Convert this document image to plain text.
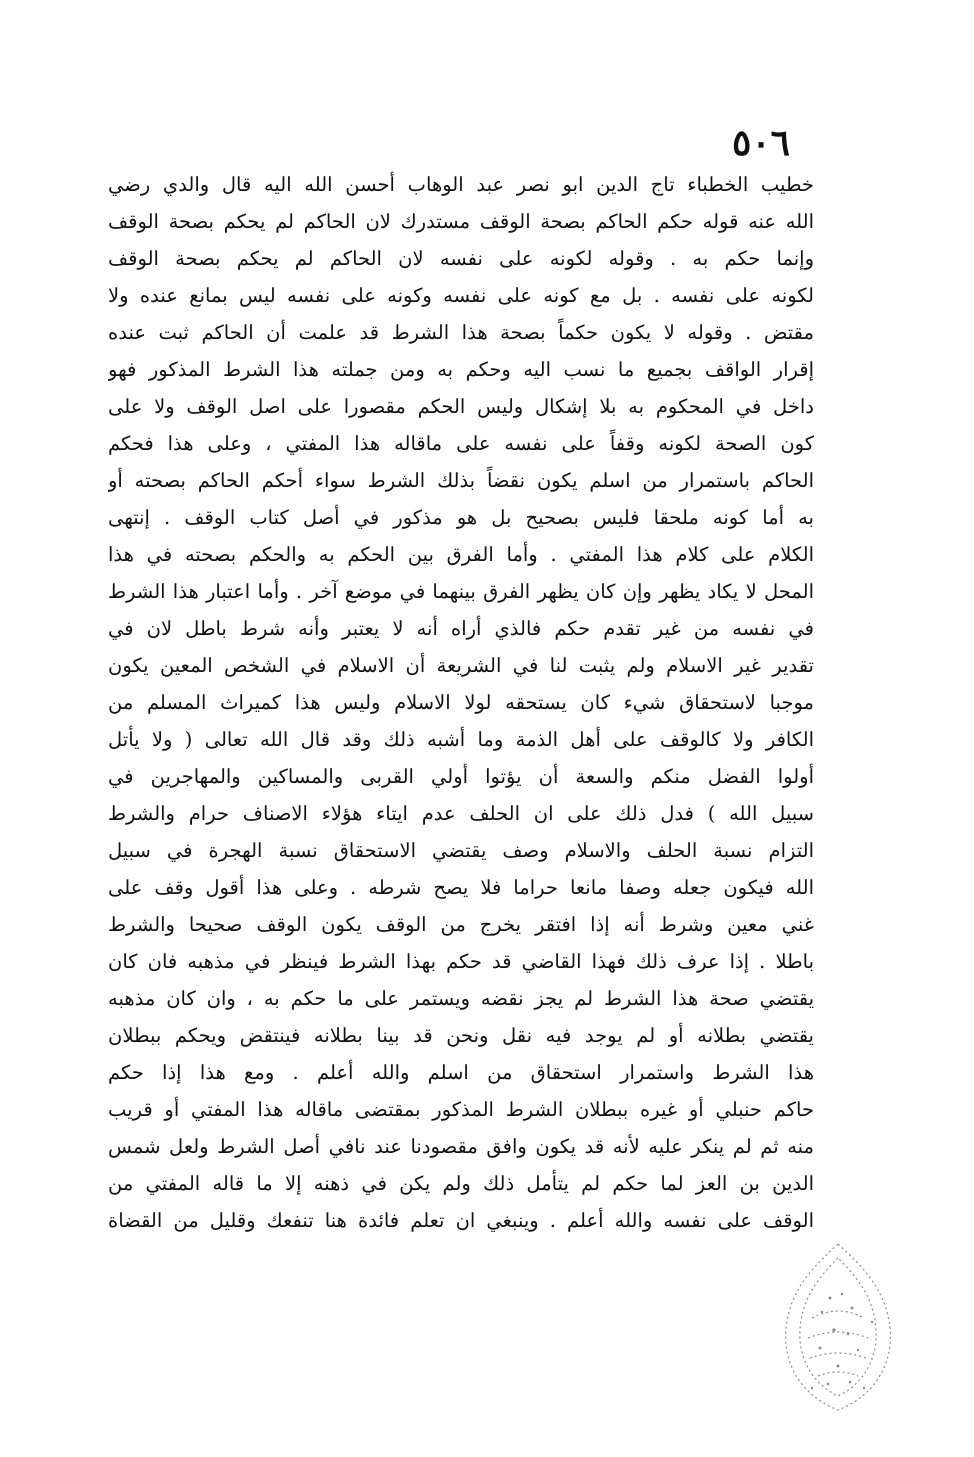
٥٠٦
خطيب الخطباء تاج الدين ابو نصر عبد الوهاب أحسن الله اليه قال والدي رضي
الله عنه قوله حكم الحاكم بصحة الوقف مستدرك لان الحاكم لم يحكم بصحة الوقف
وإنما حكم به . وقوله لكونه على نفسه لان الحاكم لم يحكم بصحة الوقف
لكونه على نفسه . بل مع كونه على نفسه وكونه على نفسه ليس بمانع عنده ولا
مقتض . وقوله لا يكون حكماً بصحة هذا الشرط قد علمت أن الحاكم ثبت عنده
إقرار الواقف بجميع ما نسب اليه وحكم به ومن جملته هذا الشرط المذكور فهو
داخل في المحكوم به بلا إشكال وليس الحكم مقصورا على اصل الوقف ولا على
كون الصحة لكونه وقفاً على نفسه على ماقاله هذا المفتي ، وعلى هذا فحكم
الحاكم باستمرار من اسلم يكون نقضاً بذلك الشرط سواء أحكم الحاكم بصحته أو
به أما كونه ملحقا فليس بصحيح بل هو مذكور في أصل كتاب الوقف . إنتهى
الكلام على كلام هذا المفتي . وأما الفرق بين الحكم به والحكم بصحته في هذا
المحل لا يكاد يظهر وإن كان يظهر الفرق بينهما في موضع آخر . وأما اعتبار هذا الشرط
في نفسه من غير تقدم حكم فالذي أراه أنه لا يعتبر وأنه شرط باطل لان في
تقدير غير الاسلام ولم يثبت لنا في الشريعة أن الاسلام في الشخص المعين يكون
موجبا لاستحقاق شيء كان يستحقه لولا الاسلام وليس هذا كميراث المسلم من
الكافر ولا كالوقف على أهل الذمة وما أشبه ذلك وقد قال الله تعالى ( ولا يأتل
أولوا الفضل منكم والسعة أن يؤتوا أولي القربى والمساكين والمهاجرين في
سبيل الله ) فدل ذلك على ان الحلف عدم ايتاء هؤلاء الاصناف حرام والشرط
التزام نسبة الحلف والاسلام وصف يقتضي الاستحقاق نسبة الهجرة في سبيل
الله فيكون جعله وصفا مانعا حراما فلا يصح شرطه . وعلى هذا أقول وقف على
غني معين وشرط أنه إذا افتقر يخرج من الوقف يكون الوقف صحيحا والشرط
باطلا . إذا عرف ذلك فهذا القاضي قد حكم بهذا الشرط فينظر في مذهبه فان كان
يقتضي صحة هذا الشرط لم يجز نقضه ويستمر على ما حكم به ، وان كان مذهبه
يقتضي بطلانه أو لم يوجد فيه نقل ونحن قد بينا بطلانه فينتقض ويحكم ببطلان
هذا الشرط واستمرار استحقاق من اسلم والله أعلم . ومع هذا إذا حكم
حاكم حنبلي أو غيره ببطلان الشرط المذكور بمقتضى ماقاله هذا المفتي أو قريب
منه ثم لم ينكر عليه لأنه قد يكون وافق مقصودنا عند نافي أصل الشرط ولعل شمس
الدين بن العز لما حكم لم يتأمل ذلك ولم يكن في ذهنه إلا ما قاله المفتي من
الوقف على نفسه والله أعلم . وينبغي ان تعلم فائدة هنا تنفعك وقليل من القضاة
